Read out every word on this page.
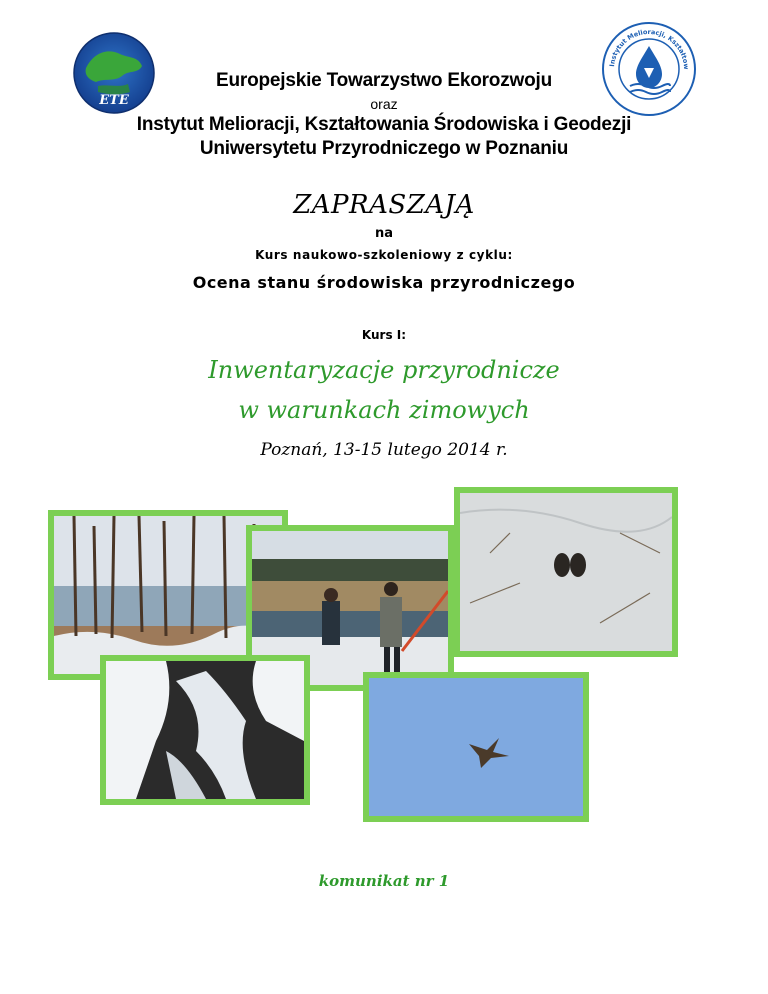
ETE
Instytut Melioracji, Kształtow
Europejskie Towarzystwo Ekorozwoju
oraz
Instytut Melioracji, Kształtowania Środowiska i Geodezji
Uniwersytetu Przyrodniczego w Poznaniu
ZAPRASZAJĄ
na
Kurs naukowo-szkoleniowy z cyklu:
Ocena stanu środowiska przyrodniczego
Kurs I:
Inwentaryzacje przyrodnicze
w warunkach zimowych
Poznań, 13-15 lutego 2014 r.
komunikat nr 1
